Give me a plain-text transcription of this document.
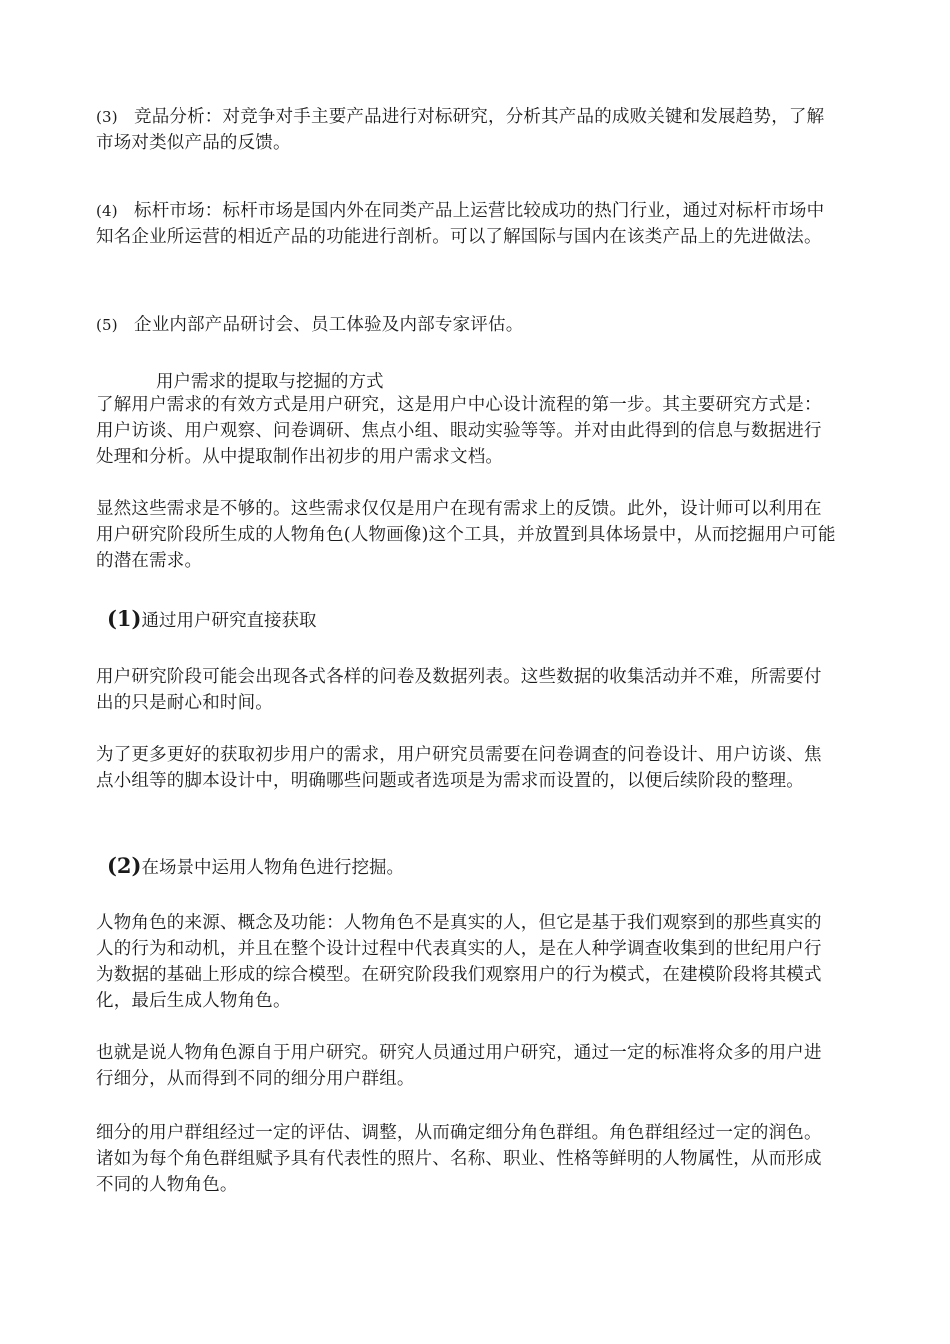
(3) 竞品分析：对竞争对手主要产品进行对标研究，分析其产品的成败关键和发展趋势，了解市场对类似产品的反馈。

(4) 标杆市场：标杆市场是国内外在同类产品上运营比较成功的热门行业，通过对标杆市场中知名企业所运营的相近产品的功能进行剖析。可以了解国际与国内在该类产品上的先进做法。

(5) 企业内部产品研讨会、员工体验及内部专家评估。

用户需求的提取与挖掘的方式

了解用户需求的有效方式是用户研究，这是用户中心设计流程的第一步。其主要研究方式是：用户访谈、用户观察、问卷调研、焦点小组、眼动实验等等。并对由此得到的信息与数据进行处理和分析。从中提取制作出初步的用户需求文档。

显然这些需求是不够的。这些需求仅仅是用户在现有需求上的反馈。此外，设计师可以利用在用户研究阶段所生成的人物角色(人物画像)这个工具，并放置到具体场景中，从而挖掘用户可能的潜在需求。

(1)通过用户研究直接获取

用户研究阶段可能会出现各式各样的问卷及数据列表。这些数据的收集活动并不难，所需要付出的只是耐心和时间。

为了更多更好的获取初步用户的需求，用户研究员需要在问卷调查的问卷设计、用户访谈、焦点小组等的脚本设计中，明确哪些问题或者选项是为需求而设置的，以便后续阶段的整理。

(2)在场景中运用人物角色进行挖掘。

人物角色的来源、概念及功能：人物角色不是真实的人，但它是基于我们观察到的那些真实的人的行为和动机，并且在整个设计过程中代表真实的人，是在人种学调查收集到的世纪用户行为数据的基础上形成的综合模型。在研究阶段我们观察用户的行为模式，在建模阶段将其模式化，最后生成人物角色。

也就是说人物角色源自于用户研究。研究人员通过用户研究，通过一定的标准将众多的用户进行细分，从而得到不同的细分用户群组。

细分的用户群组经过一定的评估、调整，从而确定细分角色群组。角色群组经过一定的润色。诸如为每个角色群组赋予具有代表性的照片、名称、职业、性格等鲜明的人物属性，从而形成不同的人物角色。
